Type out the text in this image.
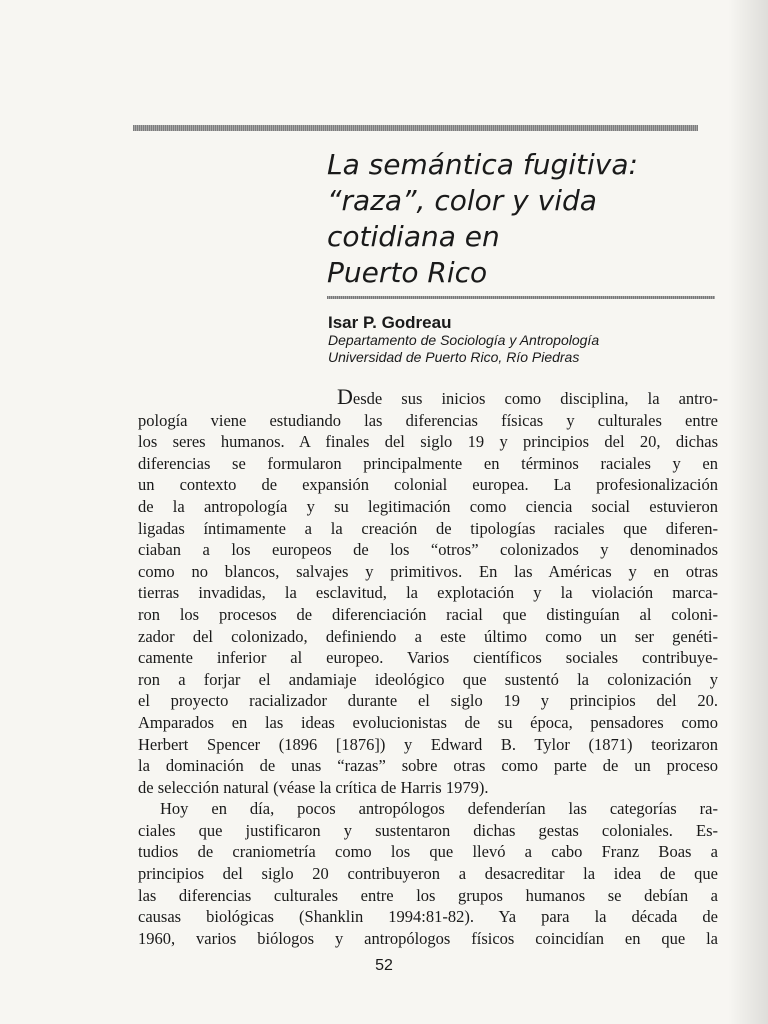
La semántica fugitiva:
“raza”, color y vida
cotidiana en
Puerto Rico

Isar P. Godreau

Departamento de Sociología y Antropología
Universidad de Puerto Rico, Río Piedras
Desde sus inicios como disciplina, la antro-
pología viene estudiando las diferencias físicas y culturales entre
los seres humanos. A finales del siglo 19 y principios del 20, dichas
diferencias se formularon principalmente en términos raciales y en
un contexto de expansión colonial europea. La profesionalización
de la antropología y su legitimación como ciencia social estuvieron
ligadas íntimamente a la creación de tipologías raciales que diferen-
ciaban a los europeos de los “otros” colonizados y denominados
como no blancos, salvajes y primitivos. En las Américas y en otras
tierras invadidas, la esclavitud, la explotación y la violación marca-
ron los procesos de diferenciación racial que distinguían al coloni-
zador del colonizado, definiendo a este último como un ser genéti-
camente inferior al europeo. Varios científicos sociales contribuye-
ron a forjar el andamiaje ideológico que sustentó la colonización y
el proyecto racializador durante el siglo 19 y principios del 20.
Amparados en las ideas evolucionistas de su época, pensadores como
Herbert Spencer (1896 [1876]) y Edward B. Tylor (1871) teorizaron
la dominación de unas “razas” sobre otras como parte de un proceso
de selección natural (véase la crítica de Harris 1979).
Hoy en día, pocos antropólogos defenderían las categorías ra-
ciales que justificaron y sustentaron dichas gestas coloniales. Es-
tudios de craniometría como los que llevó a cabo Franz Boas a
principios del siglo 20 contribuyeron a desacreditar la idea de que
las diferencias culturales entre los grupos humanos se debían a
causas biológicas (Shanklin 1994:81-82). Ya para la década de
1960, varios biólogos y antropólogos físicos coincidían en que la
52
